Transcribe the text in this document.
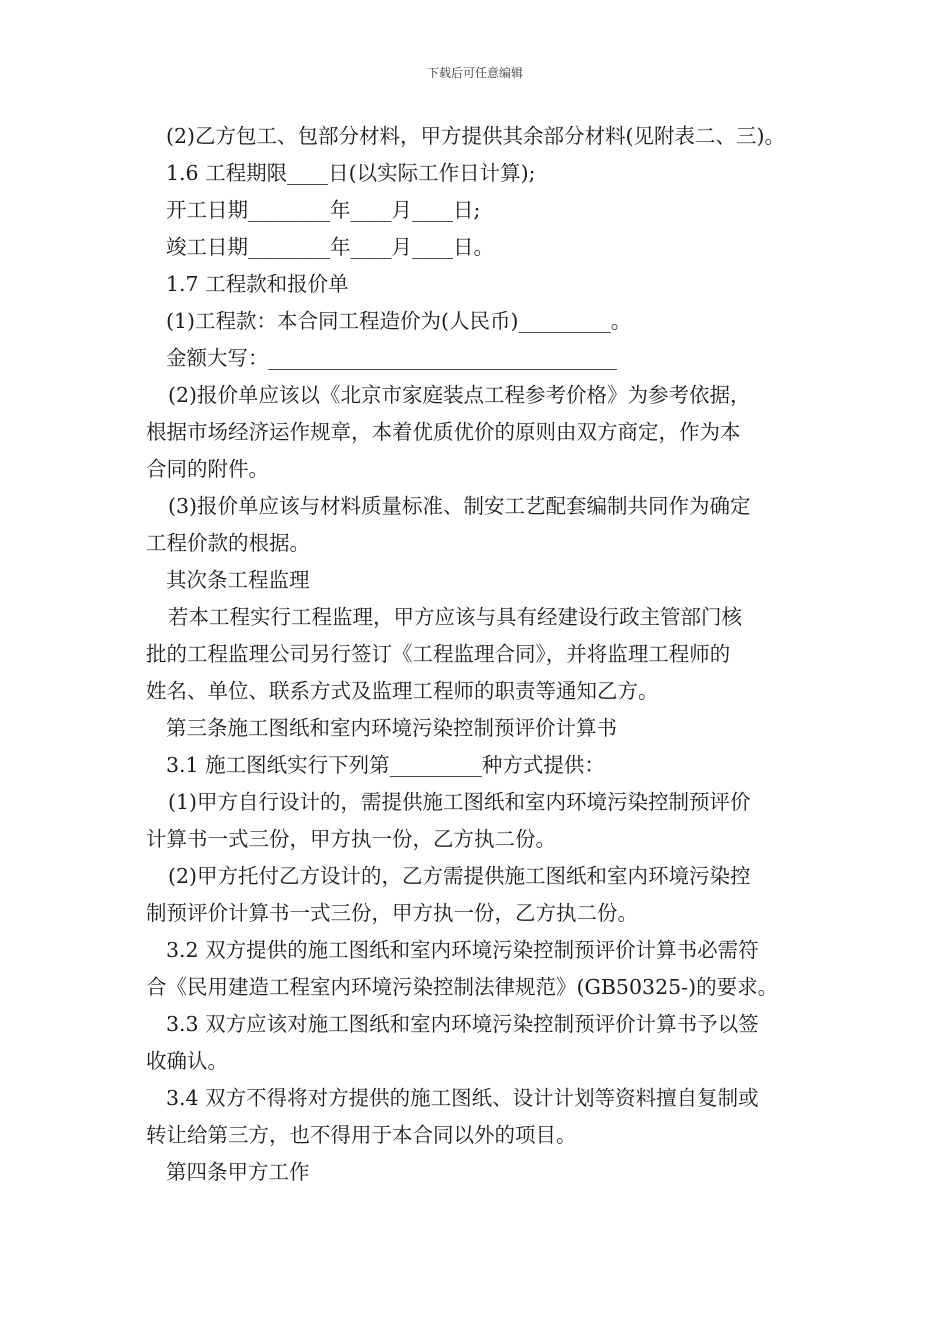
下载后可任意编辑

(2)乙方包工、包部分材料，甲方提供其余部分材料(见附表二、三)。

1.6 工程期限____日(以实际工作日计算);

开工日期________年____月____日;

竣工日期________年____月____日。

1.7 工程款和报价单

(1)工程款：本合同工程造价为(人民币)_________。

金额大写：__________________________________

(2)报价单应该以《北京市家庭装点工程参考价格》为参考依据，

根据市场经济运作规章，本着优质优价的原则由双方商定，作为本

合同的附件。

(3)报价单应该与材料质量标准、制安工艺配套编制共同作为确定

工程价款的根据。

其次条工程监理

若本工程实行工程监理，甲方应该与具有经建设行政主管部门核

批的工程监理公司另行签订《工程监理合同》，并将监理工程师的

姓名、单位、联系方式及监理工程师的职责等通知乙方。

第三条施工图纸和室内环境污染控制预评价计算书

3.1 施工图纸实行下列第_________种方式提供：

(1)甲方自行设计的，需提供施工图纸和室内环境污染控制预评价

计算书一式三份，甲方执一份，乙方执二份。

(2)甲方托付乙方设计的，乙方需提供施工图纸和室内环境污染控

制预评价计算书一式三份，甲方执一份，乙方执二份。

3.2 双方提供的施工图纸和室内环境污染控制预评价计算书必需符

合《民用建造工程室内环境污染控制法律规范》(GB50325-)的要求。

3.3 双方应该对施工图纸和室内环境污染控制预评价计算书予以签

收确认。

3.4 双方不得将对方提供的施工图纸、设计计划等资料擅自复制或

转让给第三方，也不得用于本合同以外的项目。

第四条甲方工作
